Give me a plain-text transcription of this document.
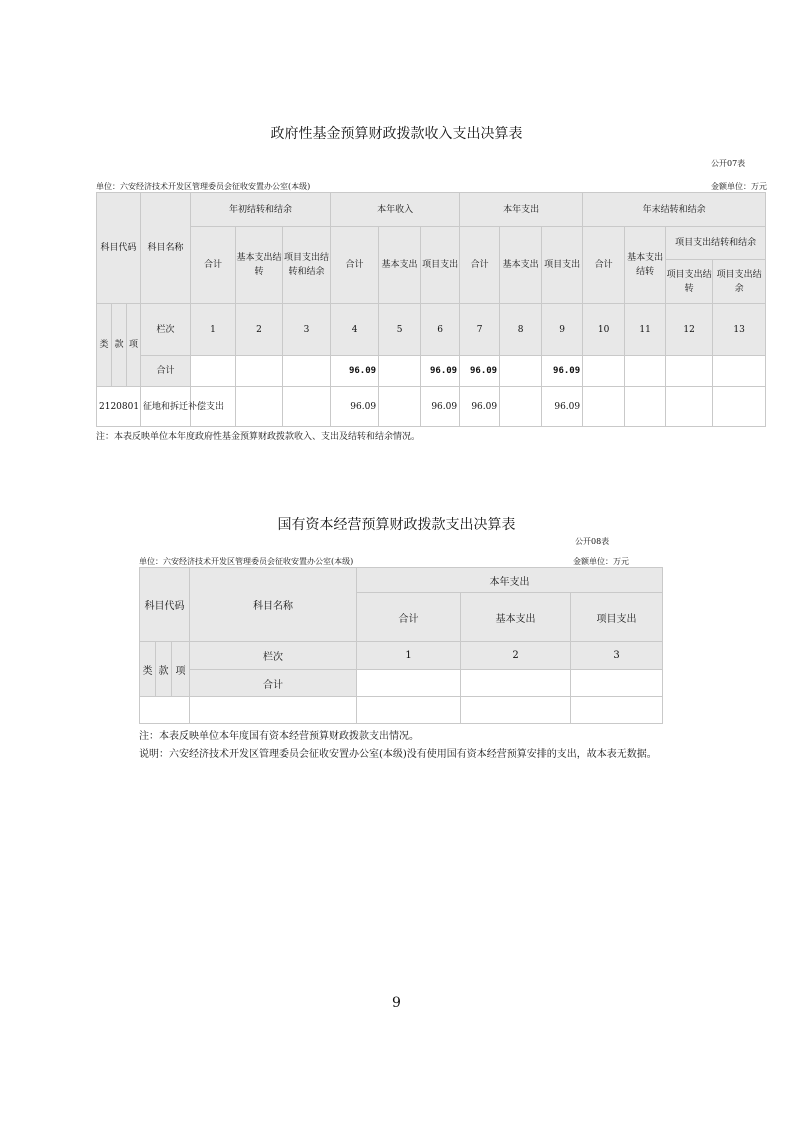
政府性基金预算财政拨款收入支出决算表
公开07表
单位：六安经济技术开发区管理委员会征收安置办公室(本级)	金额单位：万元
科目代码			科目名称	年初结转和结余			本年收入			本年支出			年末结转和结余			
				合计	基本支出结转	项目支出结转和结余	合计	基本支出	项目支出	合计	基本支出	项目支出	合计	基本支出结转	项目支出结转和结余	
															项目支出结转	项目支出结余
类	款	项	栏次	1	2	3	4	5	6	7	8	9	10	11	12	13
			合计				96.09		96.09	96.09		96.09				
2120801			征地和拆迁补偿支出				96.09		96.09	96.09		96.09				
注：本表反映单位本年度政府性基金预算财政拨款收入、支出及结转和结余情况。
国有资本经营预算财政拨款支出决算表
公开08表
单位：六安经济技术开发区管理委员会征收安置办公室(本级)	金额单位：万元
科目代码			科目名称	本年支出		
				合计	基本支出	项目支出
类	款	项	栏次	1	2	3
			合计			

注：本表反映单位本年度国有资本经营预算财政拨款支出情况。
说明：六安经济技术开发区管理委员会征收安置办公室(本级)没有使用国有资本经营预算安排的支出，故本表无数据。
9
